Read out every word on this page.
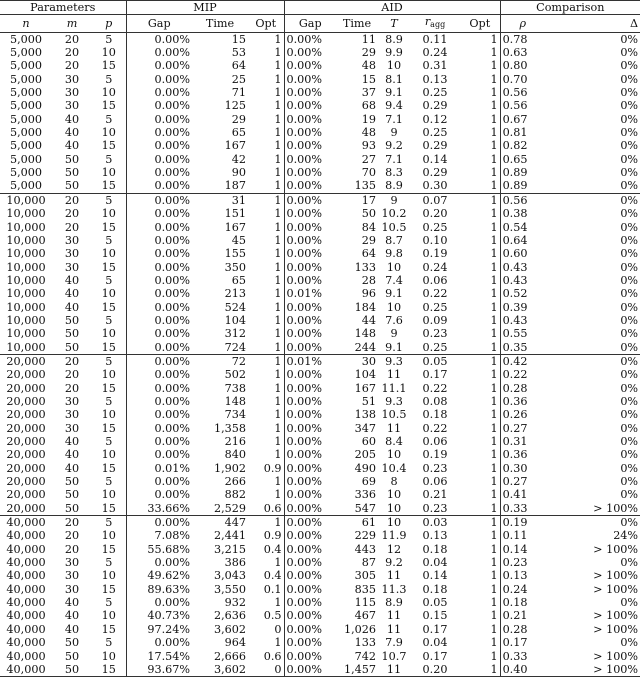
Parameters			MIP			AID					Comparison	
n	m	p	Gap	Time	Opt	Gap	Time	T	$r_{agg}$	Opt	ρ	Δ
5,000	20	5	0.00%	15	1	0.00%	11	8.9	0.11	1	0.78	0%
5,000	20	10	0.00%	53	1	0.00%	29	9.9	0.24	1	0.63	0%
5,000	20	15	0.00%	64	1	0.00%	48	10	0.31	1	0.80	0%
5,000	30	5	0.00%	25	1	0.00%	15	8.1	0.13	1	0.70	0%
5,000	30	10	0.00%	71	1	0.00%	37	9.1	0.25	1	0.56	0%
5,000	30	15	0.00%	125	1	0.00%	68	9.4	0.29	1	0.56	0%
5,000	40	5	0.00%	29	1	0.00%	19	7.1	0.12	1	0.67	0%
5,000	40	10	0.00%	65	1	0.00%	48	9	0.25	1	0.81	0%
5,000	40	15	0.00%	167	1	0.00%	93	9.2	0.29	1	0.82	0%
5,000	50	5	0.00%	42	1	0.00%	27	7.1	0.14	1	0.65	0%
5,000	50	10	0.00%	90	1	0.00%	70	8.3	0.29	1	0.89	0%
5,000	50	15	0.00%	187	1	0.00%	135	8.9	0.30	1	0.89	0%
10,000	20	5	0.00%	31	1	0.00%	17	9	0.07	1	0.56	0%
10,000	20	10	0.00%	151	1	0.00%	50	10.2	0.20	1	0.38	0%
10,000	20	15	0.00%	167	1	0.00%	84	10.5	0.25	1	0.54	0%
10,000	30	5	0.00%	45	1	0.00%	29	8.7	0.10	1	0.64	0%
10,000	30	10	0.00%	155	1	0.00%	64	9.8	0.19	1	0.60	0%
10,000	30	15	0.00%	350	1	0.00%	133	10	0.24	1	0.43	0%
10,000	40	5	0.00%	65	1	0.00%	28	7.4	0.06	1	0.43	0%
10,000	40	10	0.00%	213	1	0.01%	96	9.1	0.22	1	0.52	0%
10,000	40	15	0.00%	524	1	0.00%	184	10	0.25	1	0.39	0%
10,000	50	5	0.00%	104	1	0.00%	44	7.6	0.09	1	0.43	0%
10,000	50	10	0.00%	312	1	0.00%	148	9	0.23	1	0.55	0%
10,000	50	15	0.00%	724	1	0.00%	244	9.1	0.25	1	0.35	0%
20,000	20	5	0.00%	72	1	0.01%	30	9.3	0.05	1	0.42	0%
20,000	20	10	0.00%	502	1	0.00%	104	11	0.17	1	0.22	0%
20,000	20	15	0.00%	738	1	0.00%	167	11.1	0.22	1	0.28	0%
20,000	30	5	0.00%	148	1	0.00%	51	9.3	0.08	1	0.36	0%
20,000	30	10	0.00%	734	1	0.00%	138	10.5	0.18	1	0.26	0%
20,000	30	15	0.00%	1,358	1	0.00%	347	11	0.22	1	0.27	0%
20,000	40	5	0.00%	216	1	0.00%	60	8.4	0.06	1	0.31	0%
20,000	40	10	0.00%	840	1	0.00%	205	10	0.19	1	0.36	0%
20,000	40	15	0.01%	1,902	0.9	0.00%	490	10.4	0.23	1	0.30	0%
20,000	50	5	0.00%	266	1	0.00%	69	8	0.06	1	0.27	0%
20,000	50	10	0.00%	882	1	0.00%	336	10	0.21	1	0.41	0%
20,000	50	15	33.66%	2,529	0.6	0.00%	547	10	0.23	1	0.33	> 100%
40,000	20	5	0.00%	447	1	0.00%	61	10	0.03	1	0.19	0%
40,000	20	10	7.08%	2,441	0.9	0.00%	229	11.9	0.13	1	0.11	24%
40,000	20	15	55.68%	3,215	0.4	0.00%	443	12	0.18	1	0.14	> 100%
40,000	30	5	0.00%	386	1	0.00%	87	9.2	0.04	1	0.23	0%
40,000	30	10	49.62%	3,043	0.4	0.00%	305	11	0.14	1	0.13	> 100%
40,000	30	15	89.63%	3,550	0.1	0.00%	835	11.3	0.18	1	0.24	> 100%
40,000	40	5	0.00%	932	1	0.00%	115	8.9	0.05	1	0.18	0%
40,000	40	10	40.73%	2,636	0.5	0.00%	467	11	0.15	1	0.21	> 100%
40,000	40	15	97.24%	3,602	0	0.00%	1,026	11	0.17	1	0.28	> 100%
40,000	50	5	0.00%	964	1	0.00%	133	7.9	0.04	1	0.17	0%
40,000	50	10	17.54%	2,666	0.6	0.00%	742	10.7	0.17	1	0.33	> 100%
40,000	50	15	93.67%	3,602	0	0.00%	1,457	11	0.20	1	0.40	> 100%
